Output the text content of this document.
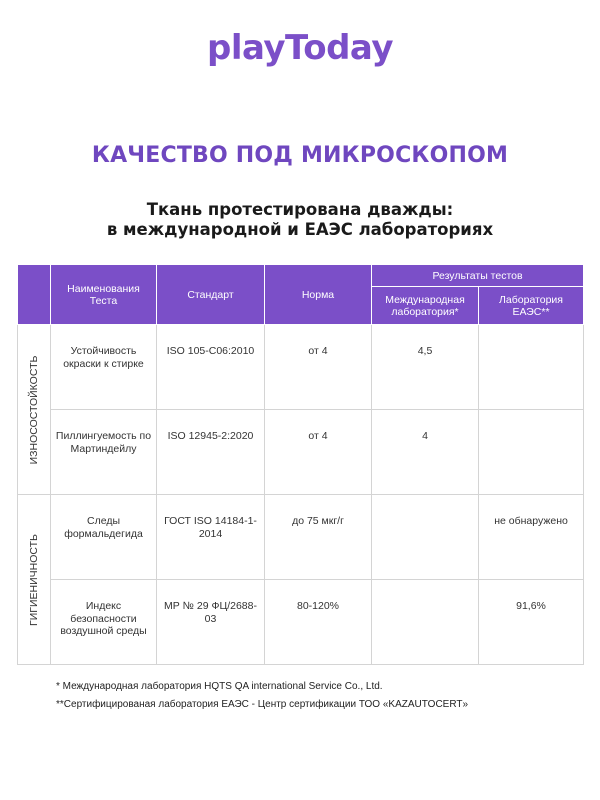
playToday
КАЧЕСТВО ПОД МИКРОСКОПОМ
Ткань протестирована дважды:
в международной и ЕАЭС лабораториях
	Наименования Теста	Стандарт	Норма	Результаты тестов	
				Международная лаборатория*	Лаборатория ЕАЭС**

ИЗНОСОСТОЙКОСТЬ	Устойчивость окраски к стирке	ISO 105-C06:2010	от 4	4,5	
	Пиллингуемость по Мартиндейлу	ISO 12945-2:2020	от 4	4	

ГИГИЕНИЧНОСТЬ	Следы формальдегида	ГОСТ ISO 14184-1-2014	до 75 мкг/г		не обнаружено
	Индекс безопасности воздушной среды	МР № 29 ФЦ/2688-03	80-120%		91,6%
* Международная лаборатория HQTS QA international Service Co., Ltd.
**Сертифицированая лаборатория ЕАЭС - Центр сертификации ТОО «KAZAUTOCERT»
